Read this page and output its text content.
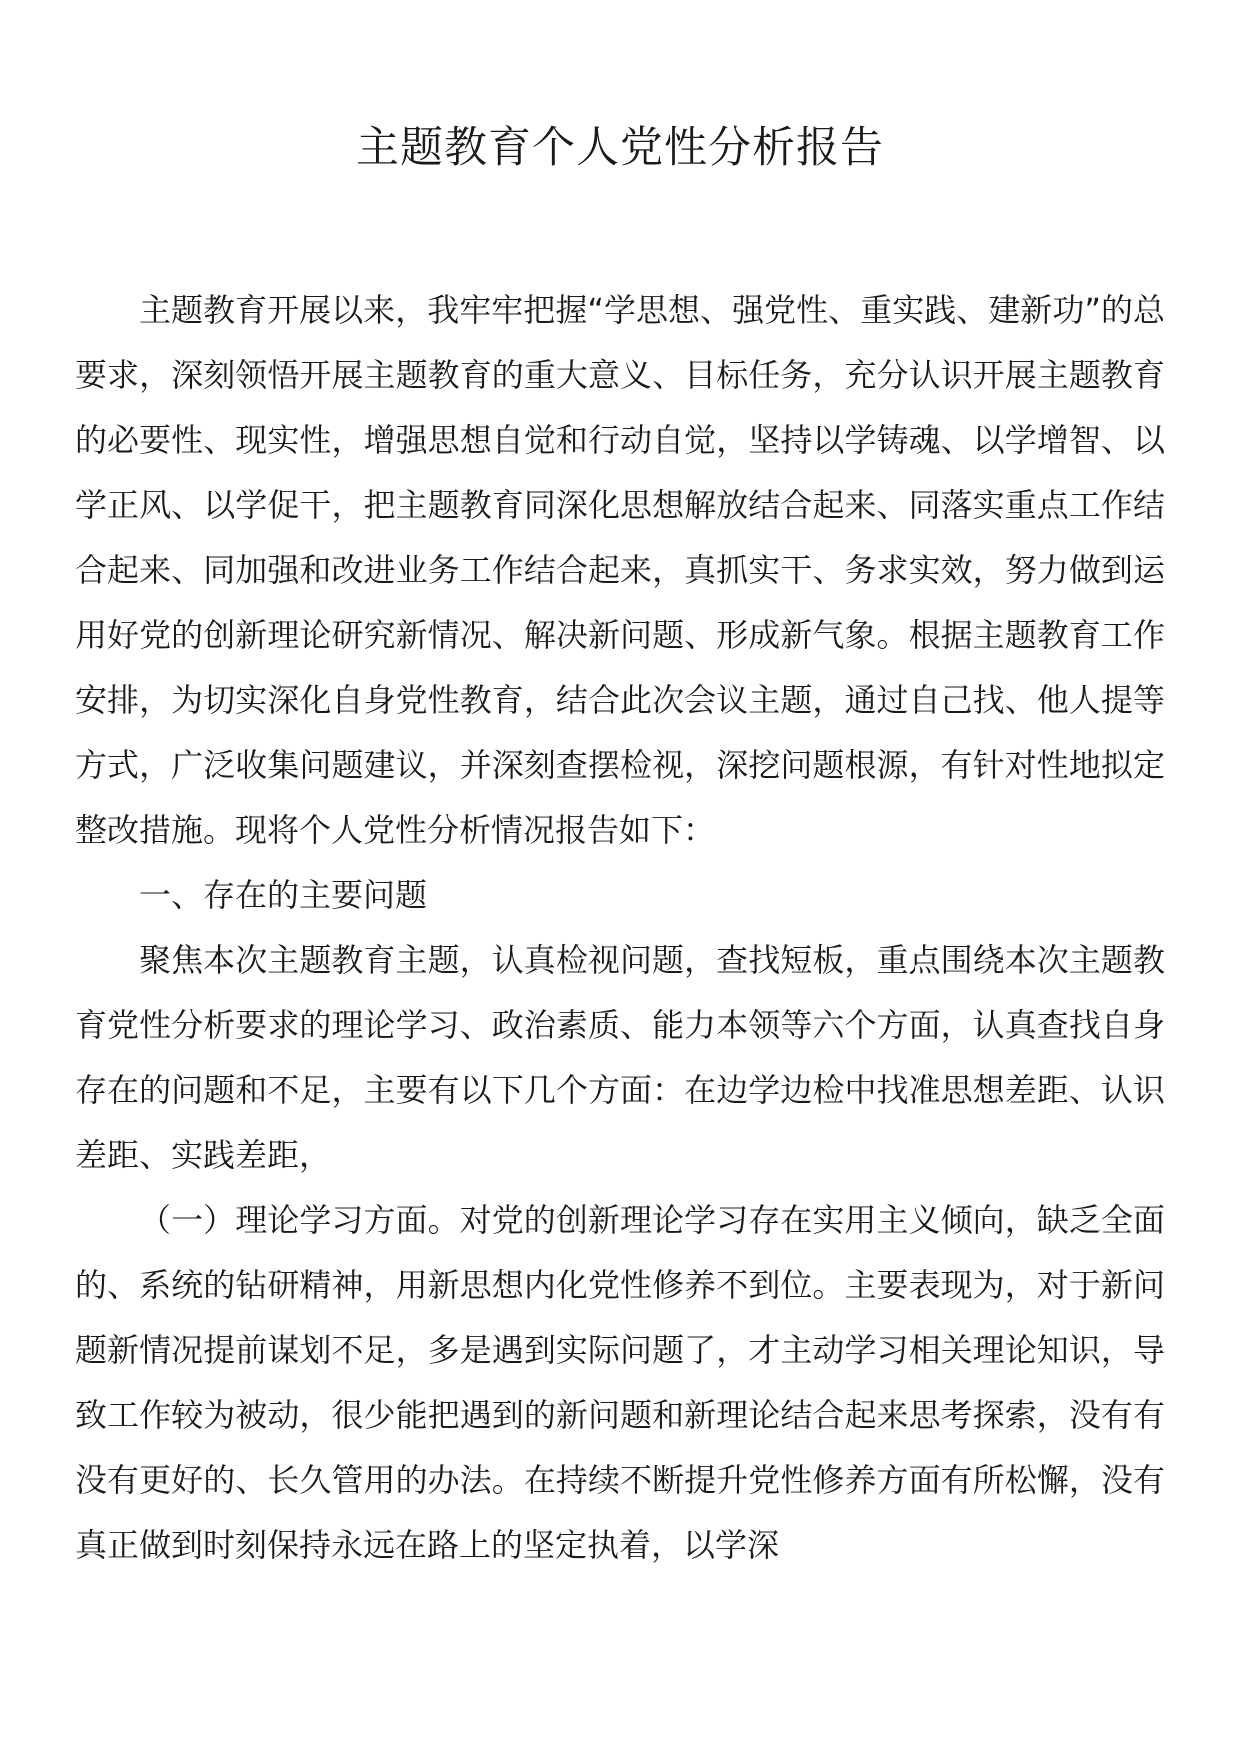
主题教育个人党性分析报告

主题教育开展以来，我牢牢把握“学思想、强党性、重实践、建新功”的总要求，深刻领悟开展主题教育的重大意义、目标任务，充分认识开展主题教育的必要性、现实性，增强思想自觉和行动自觉，坚持以学铸魂、以学增智、以学正风、以学促干，把主题教育同深化思想解放结合起来、同落实重点工作结合起来、同加强和改进业务工作结合起来，真抓实干、务求实效，努力做到运用好党的创新理论研究新情况、解决新问题、形成新气象。根据主题教育工作安排，为切实深化自身党性教育，结合此次会议主题，通过自己找、他人提等方式，广泛收集问题建议，并深刻查摆检视，深挖问题根源，有针对性地拟定整改措施。现将个人党性分析情况报告如下：

一、存在的主要问题

聚焦本次主题教育主题，认真检视问题，查找短板，重点围绕本次主题教育党性分析要求的理论学习、政治素质、能力本领等六个方面，认真查找自身存在的问题和不足，主要有以下几个方面：在边学边检中找准思想差距、认识差距、实践差距，

（一）理论学习方面。对党的创新理论学习存在实用主义倾向，缺乏全面的、系统的钻研精神，用新思想内化党性修养不到位。主要表现为，对于新问题新情况提前谋划不足，多是遇到实际问题了，才主动学习相关理论知识，导致工作较为被动，很少能把遇到的新问题和新理论结合起来思考探索，没有有没有更好的、长久管用的办法。在持续不断提升党性修养方面有所松懈，没有真正做到时刻保持永远在路上的坚定执着，以学深
